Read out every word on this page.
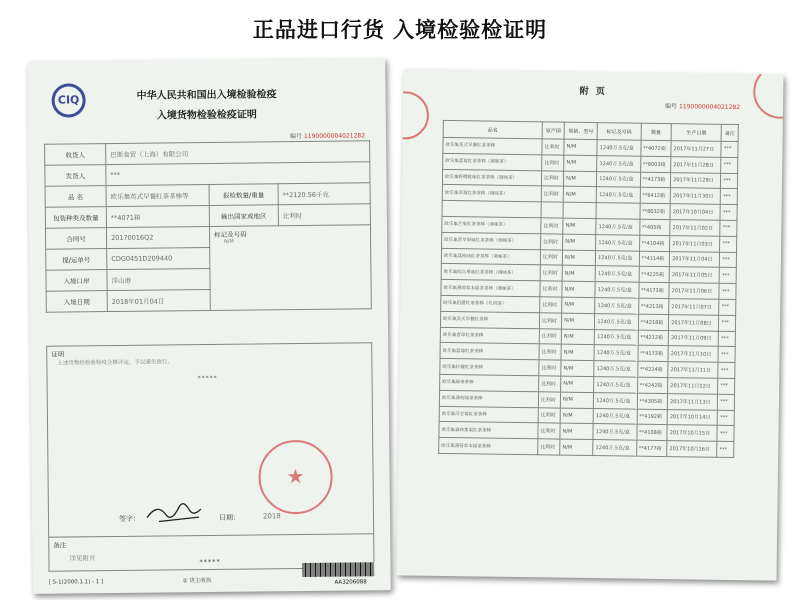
正品进口行货 入境检验检证明
CIQ	中华人民共和国出入境检验检疫
入境货物检验检疫证明
编号 1190000004021282
收货人	巴斯食贸（上海）有限公司		
发货人	***		
品 名	欧乐集英式早餐红茶茶棒等	报检数量/重量	**2120.56千克
包装种类及数量	**4071箱	输出国家或地区	比利时
合同号	20170016Q2	标记及号码
N/M	

提/运单号	CDG0451D209440		
入境口岸	洋山港		
入境日期	2018年01月04日		
证明
上述货物经检验检疫合格评定，予以通关放行。
*****
★
签字：	日期：	2018
备注
详见附页	*****
[ 5-1(2000.1.1) - 1 ]	① 货主收执	AA3206088
附 页
编号 1190000004021282
品名	原产国	规格、型号	标记及号码	数量	生产日期	备注
欧乐集英式早餐红茶茶棒	比利时	N/M	1240万.5克/盒	**4072箱	2017年11月27日	***
欧乐集蓝莓红茶茶棒（调味茶）	比利时	N/M	1240万.5克/盒	**8003箱	2017年11月28日	***
欧乐集野樱桃味红茶茶棒（调味茶）	比利时	N/M	1240万.5克/盒	**4173箱	2017年11月29日	***
欧乐集草莓红茶茶棒（调味茶）	比利时	N/M	1240万.5克/盒	**6412箱	2017年11月30日	***
				**8032箱	2017年10月04日	***
欧乐集芒果红茶茶棒（调味茶）	比利时	N/M	1240万.5克/盒	**405箱	2017年11月02日	***
欧乐集青苹果味红茶茶棒（调味茶）	比利时	N/M	1240万.5克/盒	**4104箱	2017年11月03日	***
欧乐集荔枝味红茶茶棒（调味茶）	比利时	N/M	1240万.5克/盒	**4114箱	2017年11月04日	***
欧乐集综合果味红茶茶棒（调味茶）	比利时	N/M	1240万.5克/盒	**4225箱	2017年11月05日	***
欧乐集薄荷草本绿茶茶棒（调味茶）	比利时	N/M	1240万.5克/盒	**4173箱	2017年11月06日	***
欧乐集伯爵红茶茶棒（代用茶）	比利时	N/M	1240万.5克/盒	**4213箱	2017年11月07日	***
欧乐集英式早餐红茶棒	比利时	N/M	1240万.5克/盒	**4218箱	2017年11月08日	***
欧乐集香草红茶茶棒	比利时	N/M	1240万.5克/盒	**4212箱	2017年11月09日	***
欧乐集蓝莓红茶茶棒	比利时	N/M	1240万.5克/盒	**4173箱	2017年11月10日	***
欧乐集柠檬红茶茶棒	比利时	N/M	1240万.5克/盒	**4224箱	2017年11月11日	***
欧乐集绿茶茶棒	比利时	N/M	1240万.5克/盒	**4242箱	2017年11月12日	***
欧乐集薄荷绿茶茶棒	比利时	N/M	1240万.5克/盒	**4305箱	2017年11月13日	***
欧乐集洋甘菊红茶茶棒	比利时	N/M	1240万.5克/盒	**4192箱	2017年10月14日	***
欧乐集森林浆果红茶茶棒	比利时	N/M	1240万.5克/盒	**4108箱	2017年10月15日	***
欧乐集薄荷草本绿茶茶棒	比利时	N/M	1240万.5克/盒	**4177箱	2017年10月16日	***
